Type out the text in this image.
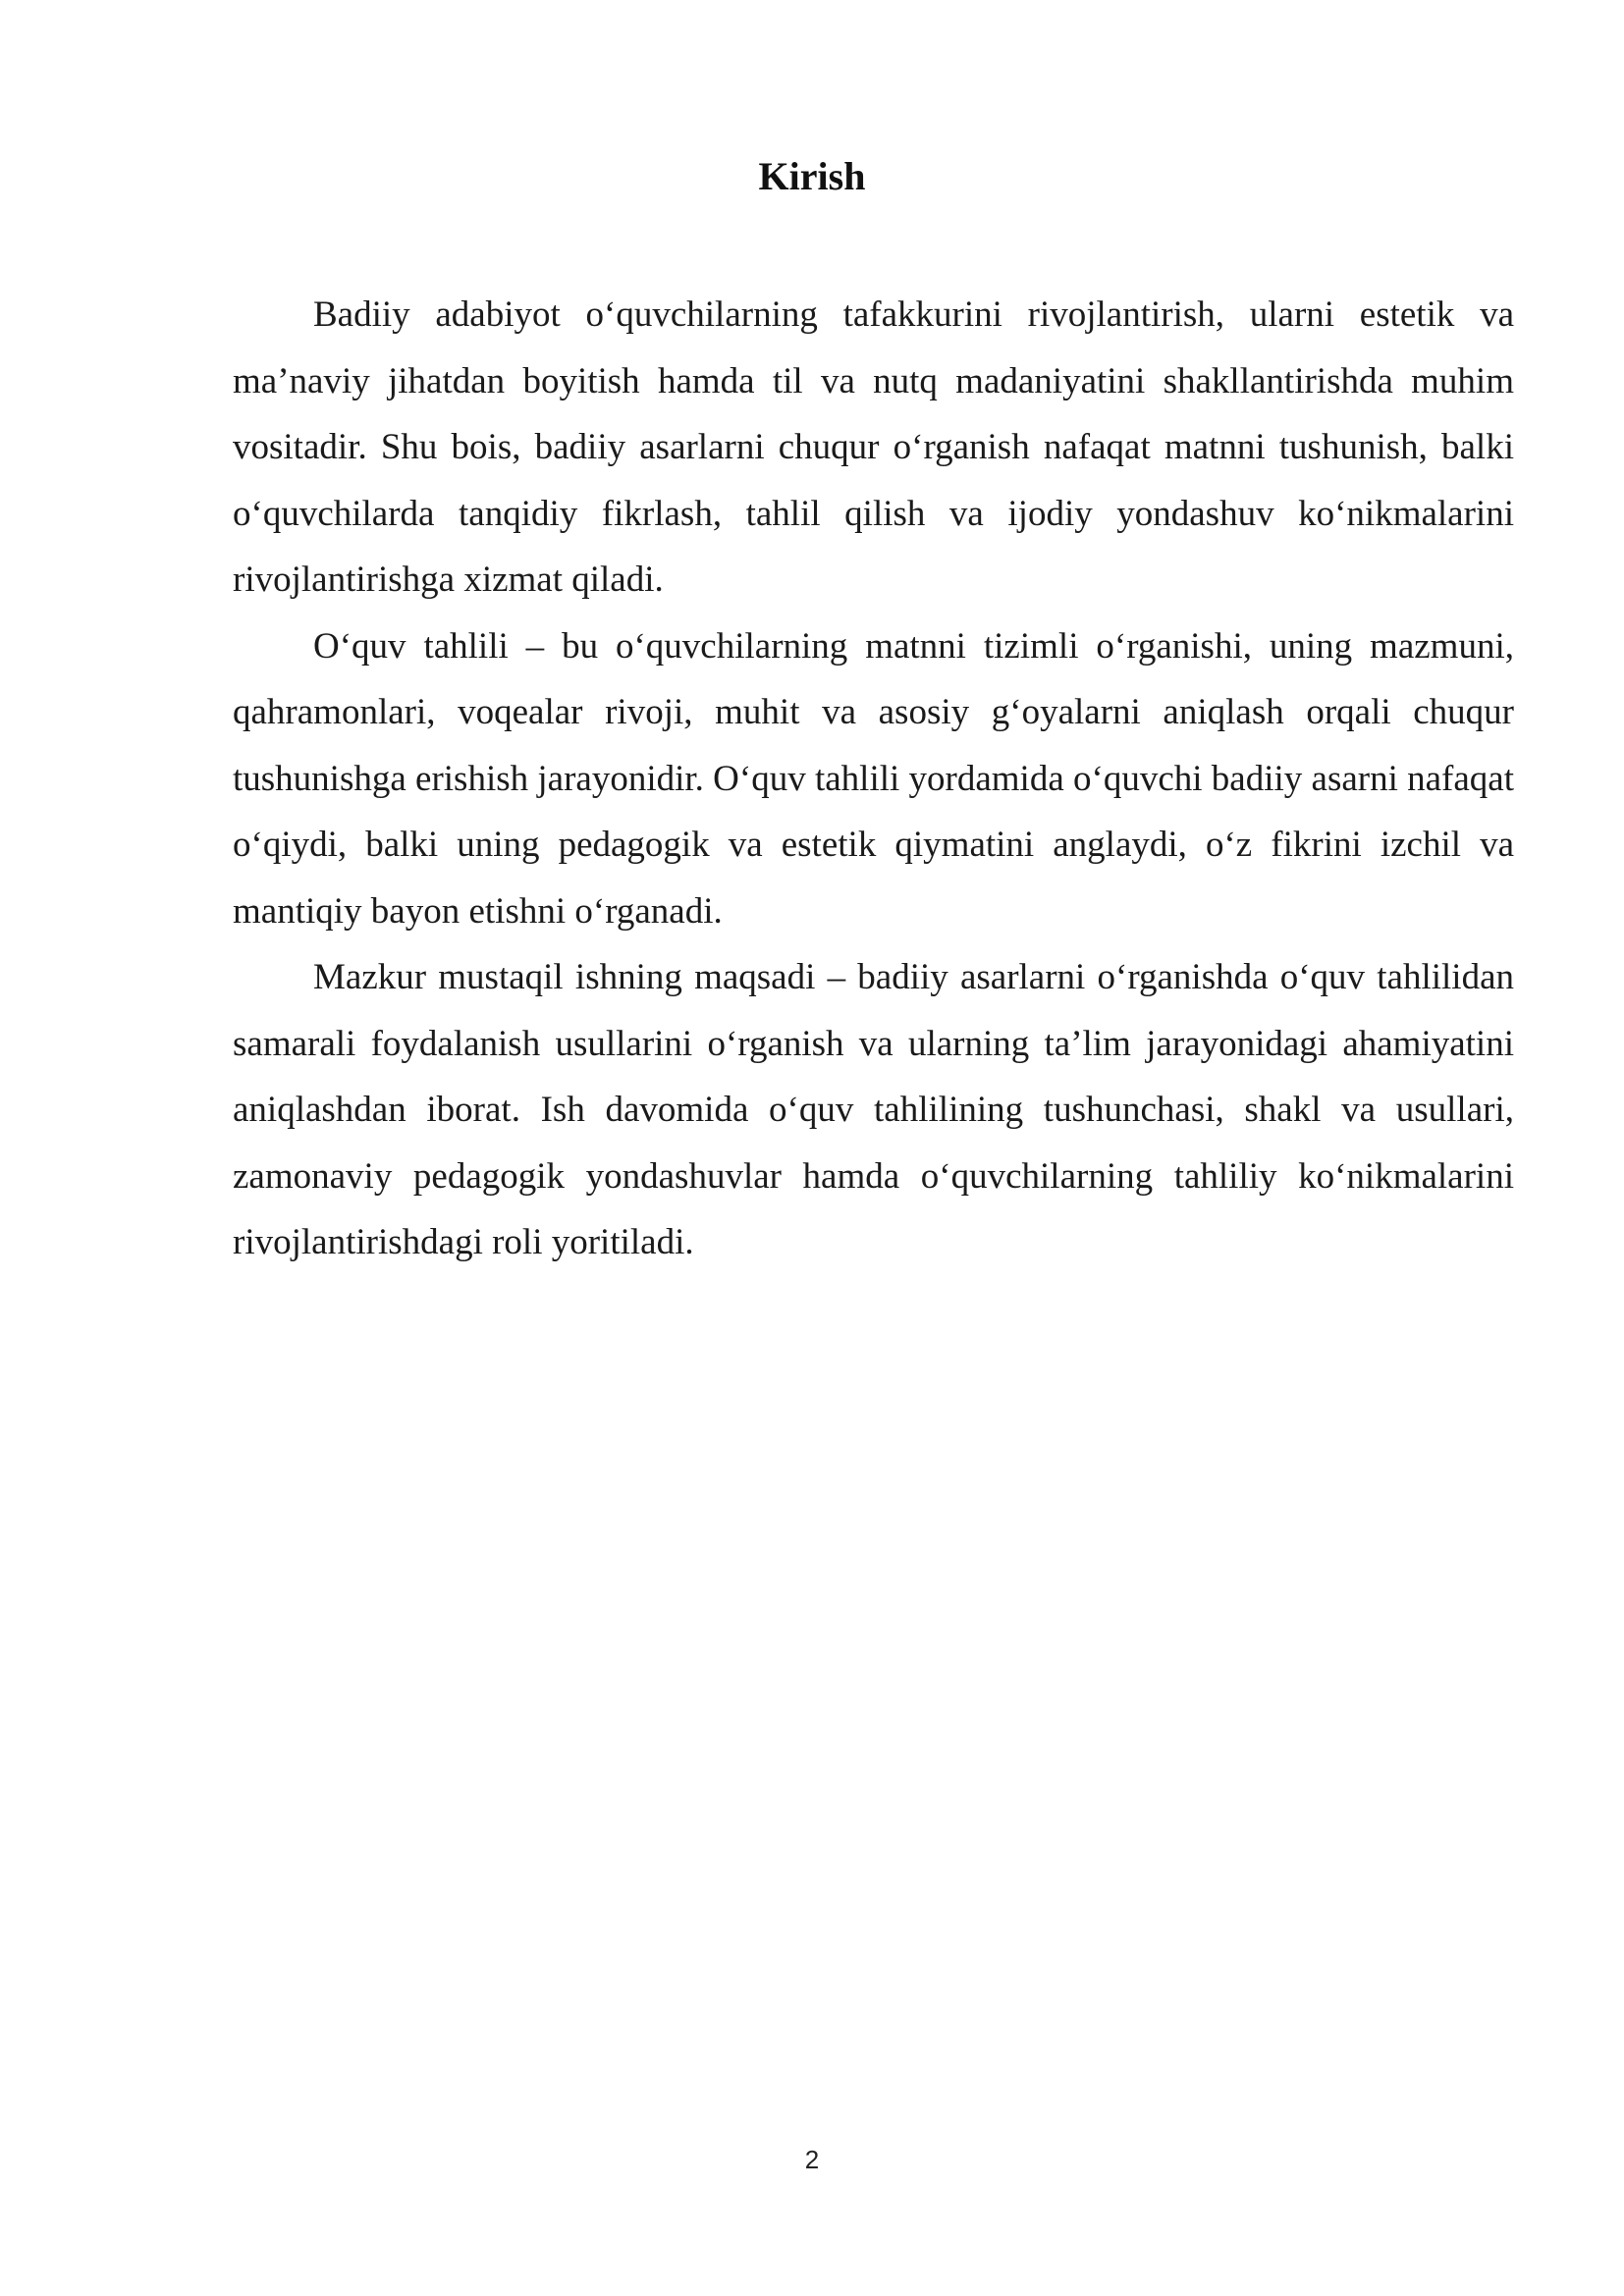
Kirish

Badiiy adabiyot o‘quvchilarning tafakkurini rivojlantirish, ularni estetik va ma’naviy jihatdan boyitish hamda til va nutq madaniyatini shakllantirishda muhim vositadir. Shu bois, badiiy asarlarni chuqur o‘rganish nafaqat matnni tushunish, balki o‘quvchilarda tanqidiy fikrlash, tahlil qilish va ijodiy yondashuv ko‘nikmalarini rivojlantirishga xizmat qiladi.

O‘quv tahlili – bu o‘quvchilarning matnni tizimli o‘rganishi, uning mazmuni, qahramonlari, voqealar rivoji, muhit va asosiy g‘oyalarni aniqlash orqali chuqur tushunishga erishish jarayonidir. O‘quv tahlili yordamida o‘quvchi badiiy asarni nafaqat o‘qiydi, balki uning pedagogik va estetik qiymatini anglaydi, o‘z fikrini izchil va mantiqiy bayon etishni o‘rganadi.

Mazkur mustaqil ishning maqsadi – badiiy asarlarni o‘rganishda o‘quv tahlilidan samarali foydalanish usullarini o‘rganish va ularning ta’lim jarayonidagi ahamiyatini aniqlashdan iborat. Ish davomida o‘quv tahlilining tushunchasi, shakl va usullari, zamonaviy pedagogik yondashuvlar hamda o‘quvchilarning tahliliy ko‘nikmalarini rivojlantirishdagi roli yoritiladi.

2
